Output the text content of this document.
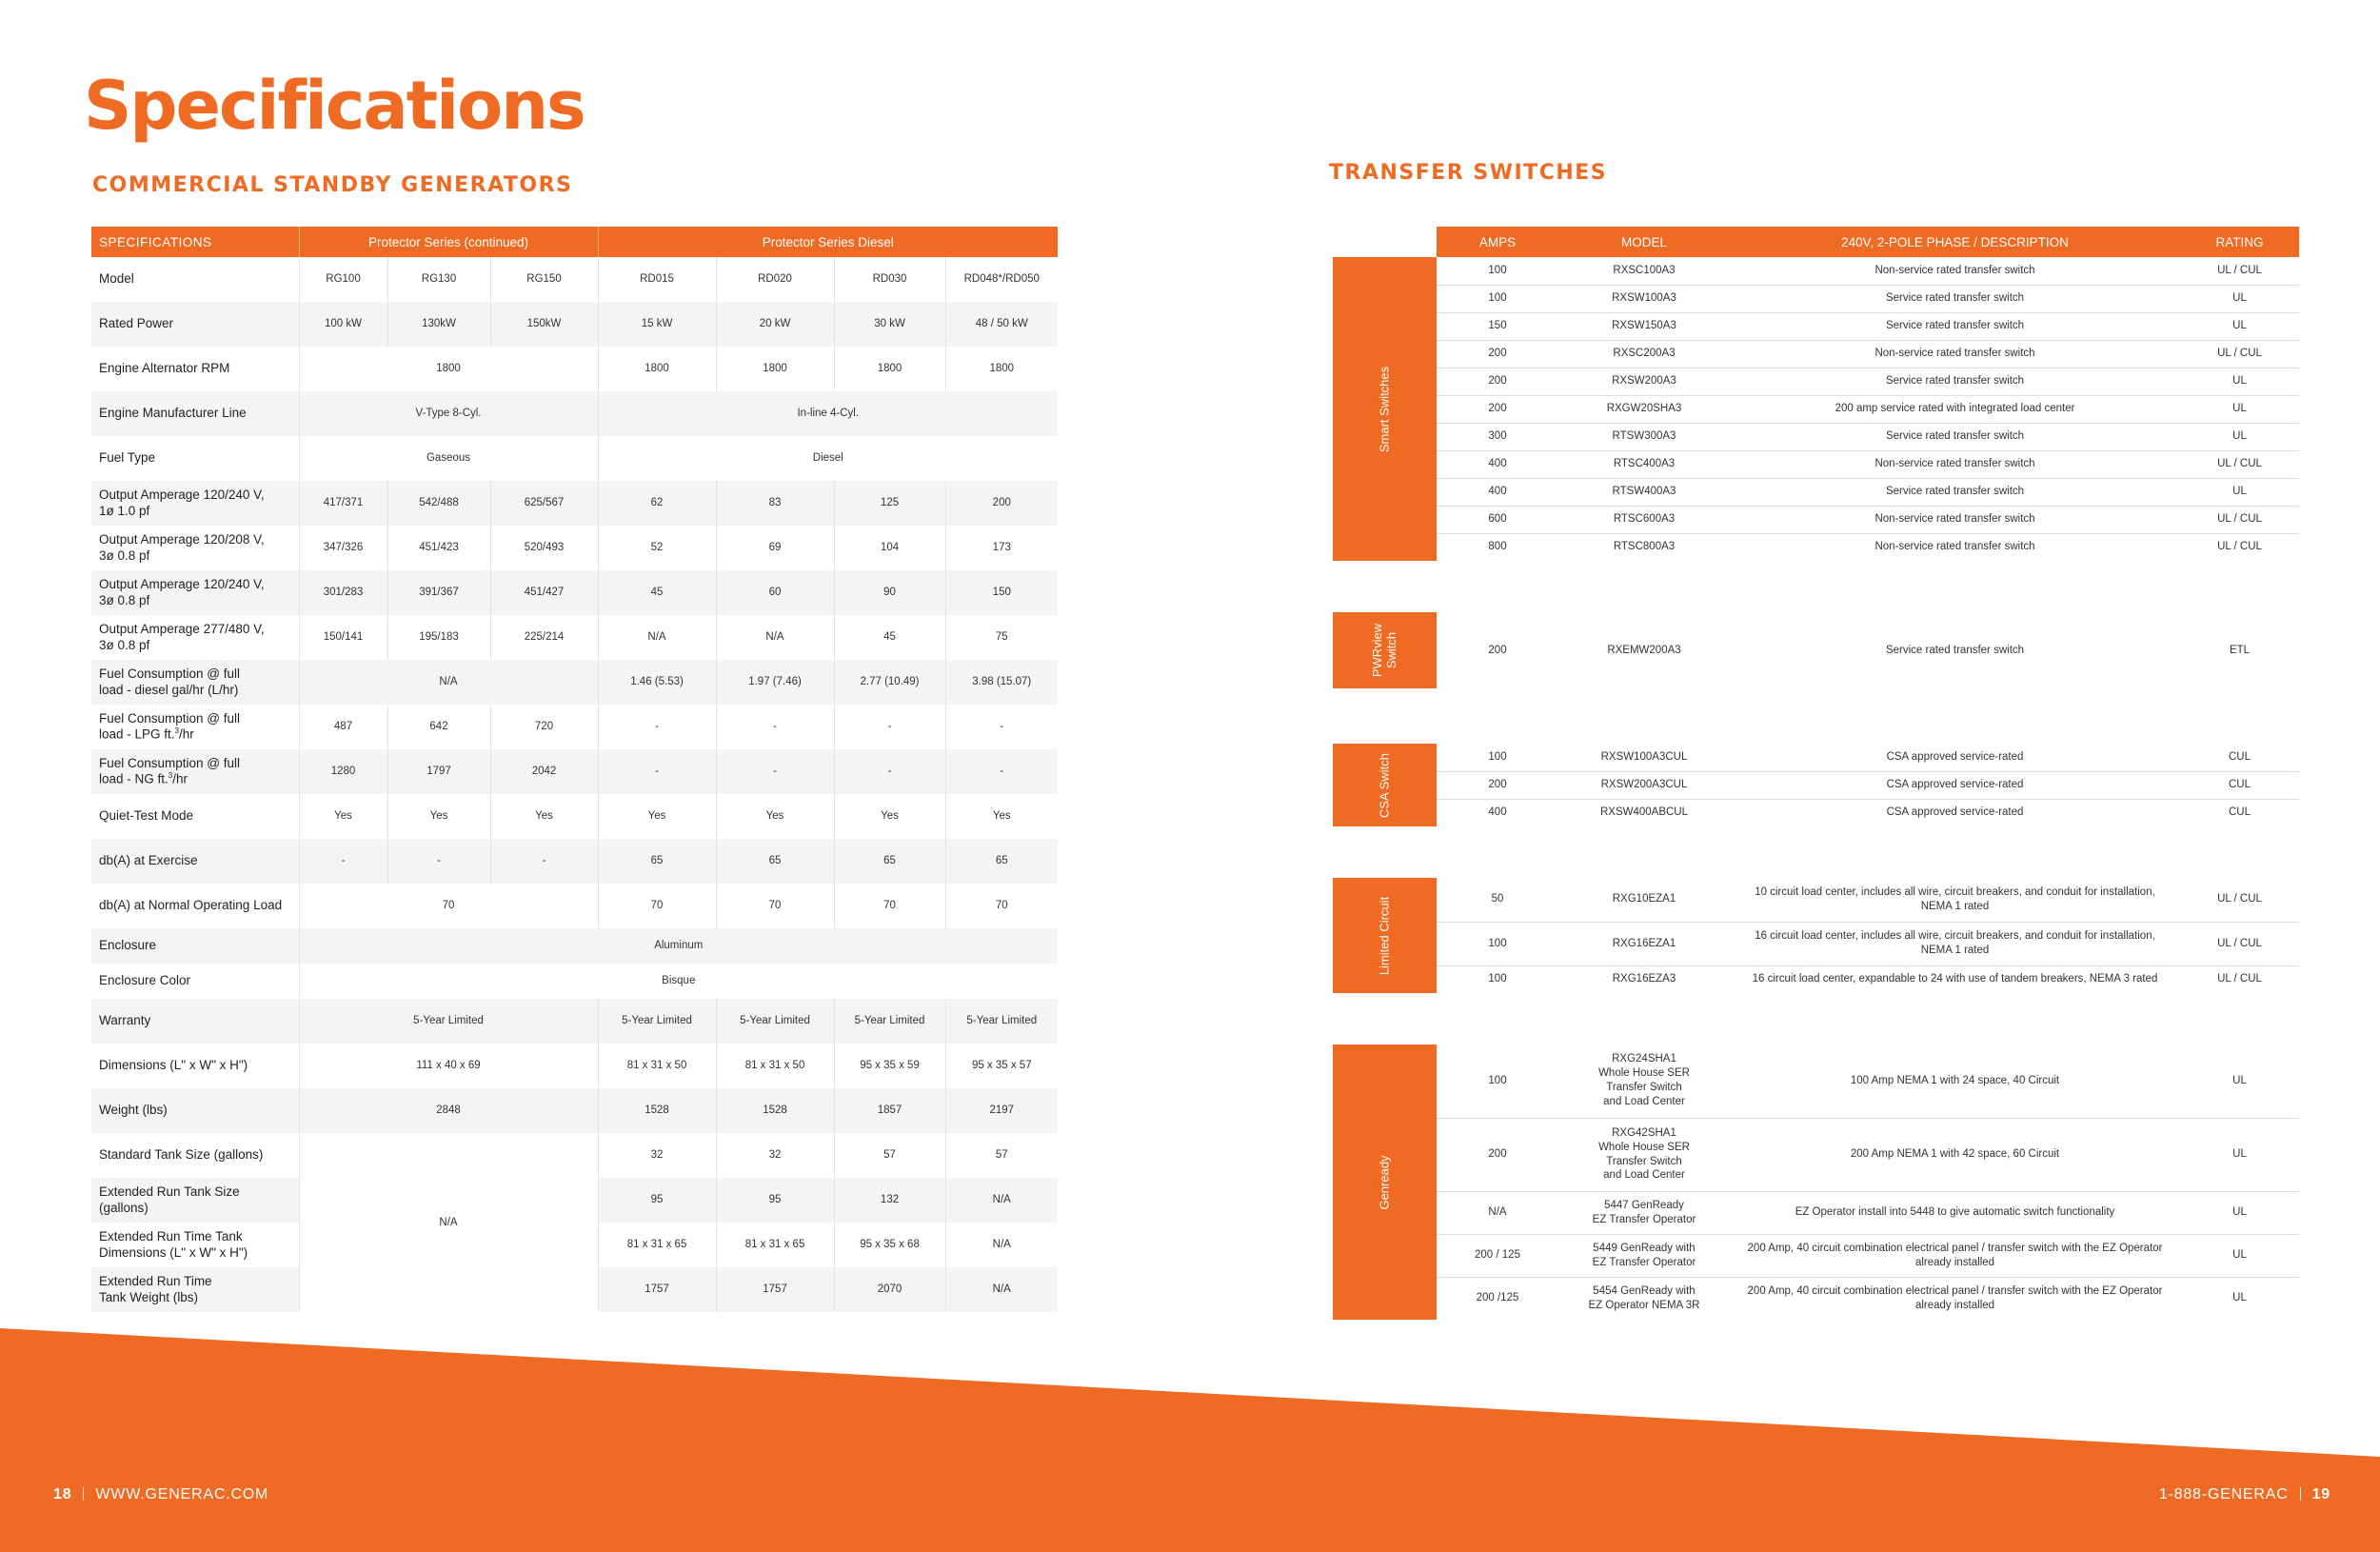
Specifications
COMMERCIAL STANDBY GENERATORS
TRANSFER SWITCHES
SPECIFICATIONS	Protector Series (continued)			Protector Series Diesel			
Model	RG100	RG130	RG150	RD015	RD020	RD030	RD048*/RD050
Rated Power	100 kW	130kW	150kW	15 kW	20 kW	30 kW	48 / 50 kW
Engine Alternator RPM	1800			1800	1800	1800	1800
Engine Manufacturer Line	V-Type 8-Cyl.			In-line 4-Cyl.			
Fuel Type	Gaseous			Diesel			
Output Amperage 120/240 V,
1ø 1.0 pf	417/371	542/488	625/567	62	83	125	200
Output Amperage 120/208 V,
3ø 0.8 pf	347/326	451/423	520/493	52	69	104	173
Output Amperage 120/240 V,
3ø 0.8 pf	301/283	391/367	451/427	45	60	90	150
Output Amperage 277/480 V,
3ø 0.8 pf	150/141	195/183	225/214	N/A	N/A	45	75
Fuel Consumption @ full
load - diesel gal/hr (L/hr)	N/A			1.46 (5.53)	1.97 (7.46)	2.77 (10.49)	3.98 (15.07)
Fuel Consumption @ full
load - LPG ft.$^3$/hr	487	642	720	-	-	-	-
Fuel Consumption @ full
load - NG ft.$^3$/hr	1280	1797	2042	-	-	-	-
Quiet-Test Mode	Yes	Yes	Yes	Yes	Yes	Yes	Yes
db(A) at Exercise	-	-	-	65	65	65	65
db(A) at Normal Operating Load	70			70	70	70	70
Enclosure	Aluminum						
Enclosure Color	Bisque						
Warranty	5-Year Limited			5-Year Limited	5-Year Limited	5-Year Limited	5-Year Limited
Dimensions (L" x W" x H")	111 x 40 x 69			81 x 31 x 50	81 x 31 x 50	95 x 35 x 59	95 x 35 x 57
Weight (lbs)	2848			1528	1528	1857	2197
Standard Tank Size (gallons)	N/A			32	32	57	57
Extended Run Tank Size (gallons)				95	95	132	N/A
Extended Run Time Tank
Dimensions (L" x W" x H")				81 x 31 x 65	81 x 31 x 65	95 x 35 x 68	N/A
Extended Run Time
Tank Weight (lbs)				1757	1757	2070	N/A
	AMPS	MODEL	240V, 2-POLE PHASE / DESCRIPTION	RATING

Smart Switches	100	RXSC100A3	Non-service rated transfer switch	UL / CUL
	100	RXSW100A3	Service rated transfer switch	UL
	150	RXSW150A3	Service rated transfer switch	UL
	200	RXSC200A3	Non-service rated transfer switch	UL / CUL
	200	RXSW200A3	Service rated transfer switch	UL
	200	RXGW20SHA3	200 amp service rated with integrated load center	UL
	300	RTSW300A3	Service rated transfer switch	UL
	400	RTSC400A3	Non-service rated transfer switch	UL / CUL
	400	RTSW400A3	Service rated transfer switch	UL
	600	RTSC600A3	Non-service rated transfer switch	UL / CUL
	800	RTSC800A3	Non-service rated transfer switch	UL / CUL

PWRview
Switch	200	RXEMW200A3	Service rated transfer switch	ETL

CSA Switch	100	RXSW100A3CUL	CSA approved service-rated	CUL
	200	RXSW200A3CUL	CSA approved service-rated	CUL
	400	RXSW400ABCUL	CSA approved service-rated	CUL

Limited Circuit	50	RXG10EZA1	10 circuit load center, includes all wire, circuit breakers, and conduit for installation,
NEMA 1 rated	UL / CUL
	100	RXG16EZA1	16 circuit load center, includes all wire, circuit breakers, and conduit for installation,
NEMA 1 rated	UL / CUL
	100	RXG16EZA3	16 circuit load center, expandable to 24 with use of tandem breakers, NEMA 3 rated	UL / CUL

Genready	100	RXG24SHA1
Whole House SER
Transfer Switch
and Load Center	100 Amp NEMA 1 with 24 space, 40 Circuit	UL
	200	RXG42SHA1
Whole House SER
Transfer Switch
and Load Center	200 Amp NEMA 1 with 42 space, 60 Circuit	UL
	N/A	5447 GenReady
EZ Transfer Operator	EZ Operator install into 5448 to give automatic switch functionality	UL
	200 / 125	5449 GenReady with
EZ Transfer Operator	200 Amp, 40 circuit combination electrical panel / transfer switch with the EZ Operator
already installed	UL
	200 /125	5454 GenReady with
EZ Operator NEMA 3R	200 Amp, 40 circuit combination electrical panel / transfer switch with the EZ Operator
already installed	UL
18 WWW.GENERAC.COM	1-888-GENERAC 19
